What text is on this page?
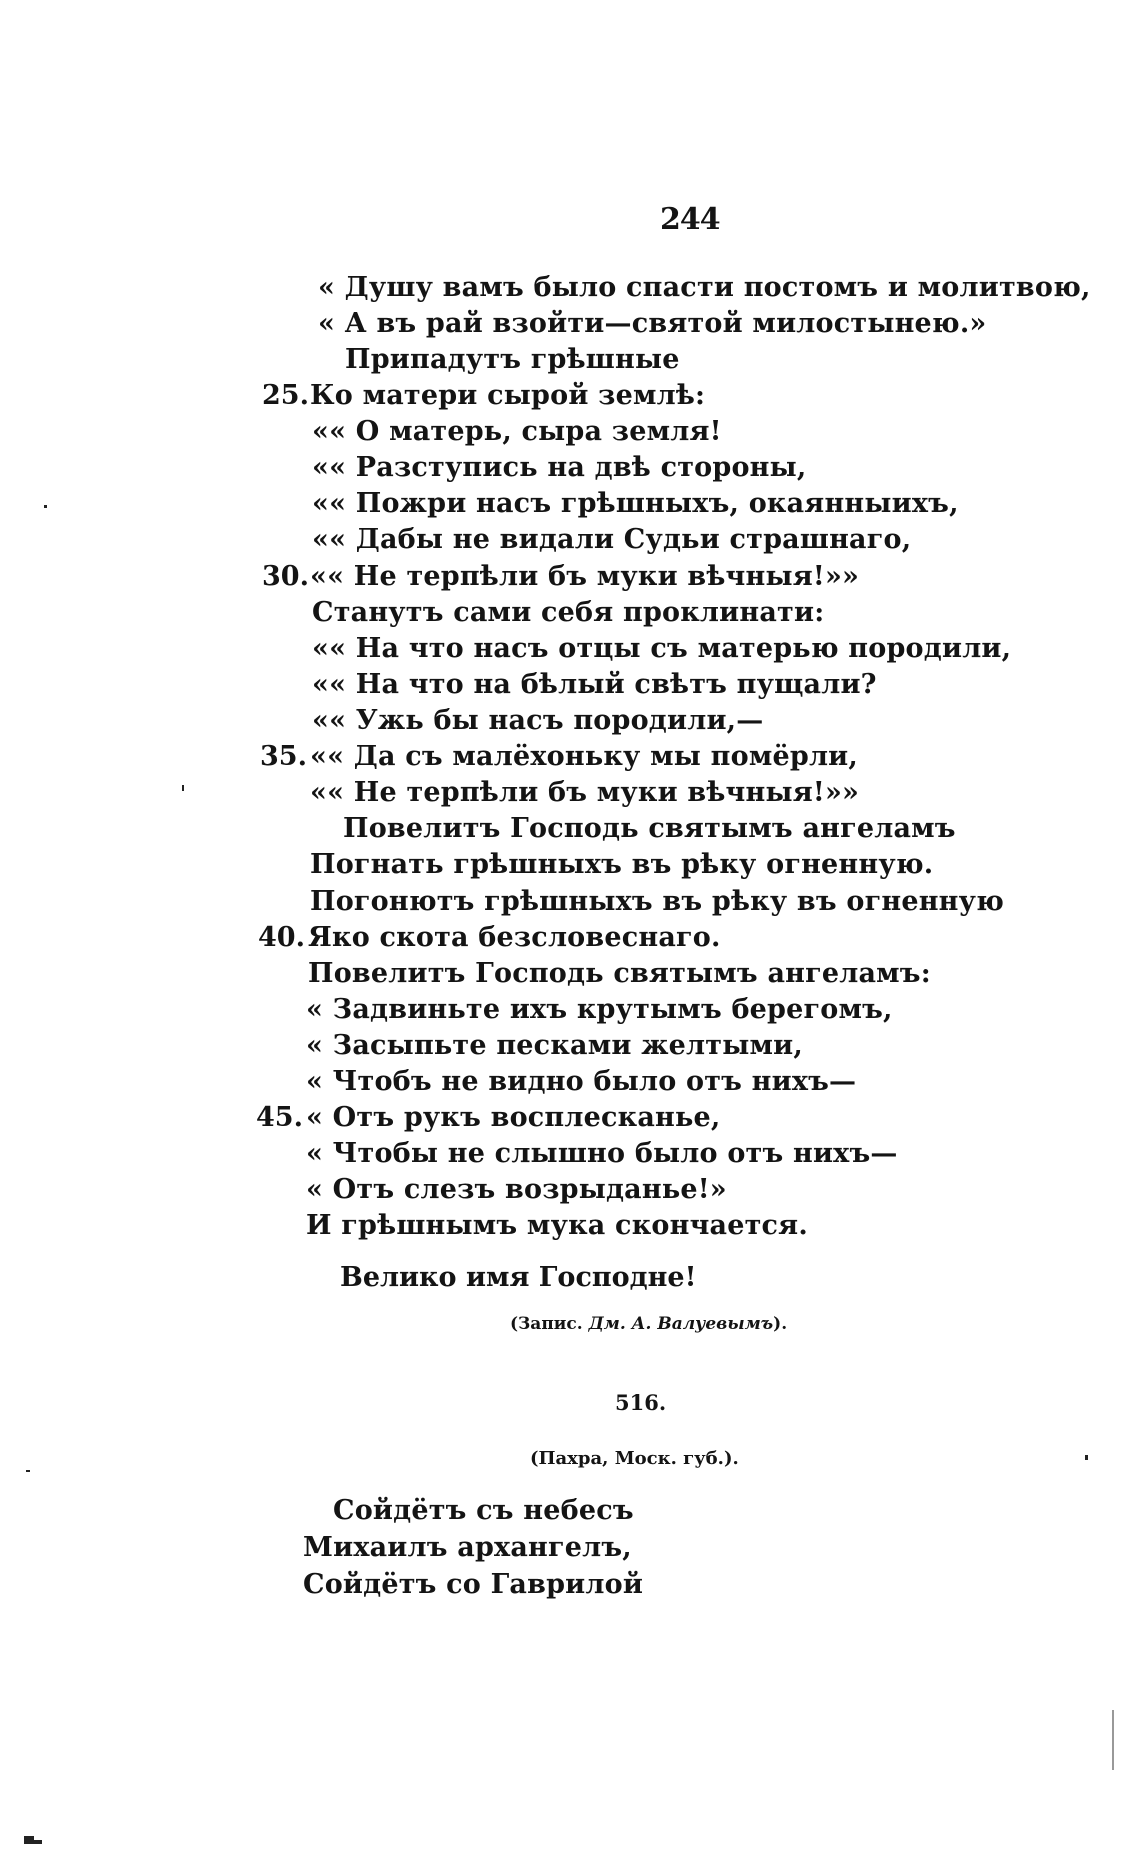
244
« Душу вамъ было спасти постомъ и молитвою,
« А въ рай взойти—святой милостынею.»
Припадутъ грѣшные
25. Ко матери сырой землѣ:
«« О матерь, сыра земля!
«« Разступись на двѣ стороны,
«« Пожри насъ грѣшныхъ, окаянныихъ,
«« Дабы не видали Судьи страшнаго,
30. «« Не терпѣли бъ муки вѣчныя!»»
Станутъ сами себя проклинати:
«« На что насъ отцы съ матерью породили,
«« На что на бѣлый свѣтъ пущали?
«« Ужь бы насъ породили,—
35. «« Да съ малёхоньку мы помёрли,
«« Не терпѣли бъ муки вѣчныя!»»
Повелитъ Господь святымъ ангеламъ
Погнать грѣшныхъ въ рѣку огненную.
Погонютъ грѣшныхъ въ рѣку въ огненную
40. Яко скота безсловеснаго.
Повелитъ Господь святымъ ангеламъ:
« Задвиньте ихъ крутымъ берегомъ,
« Засыпьте песками желтыми,
« Чтобъ не видно было отъ нихъ—
45. « Отъ рукъ восплесканье,
« Чтобы не слышно было отъ нихъ—
« Отъ слезъ возрыданье!»
И грѣшнымъ мука скончается.
Велико имя Господне!
(Запис. Дм. А. Валуевымъ).
516.
(Пахра, Моск. губ.).
Сойдётъ съ небесъ
Михаилъ архангелъ,
Сойдётъ со Гаврилой
